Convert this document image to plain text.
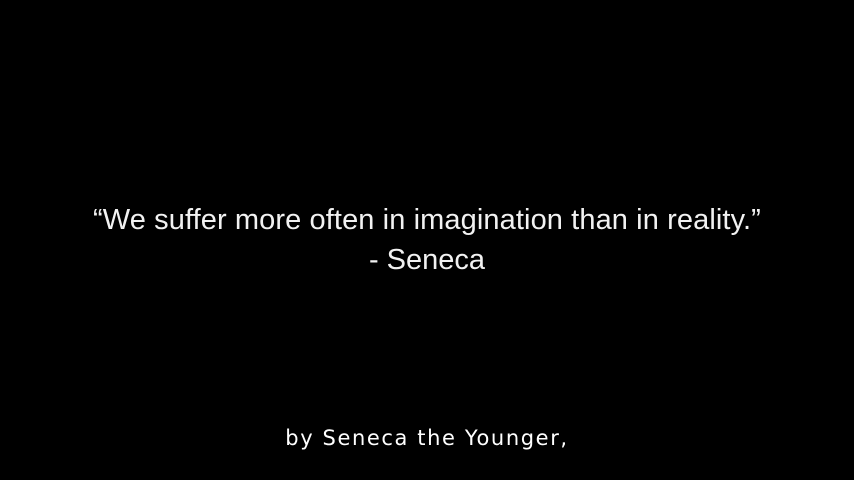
“We suffer more often in imagination than in reality.”
- Seneca
by Seneca the Younger,
